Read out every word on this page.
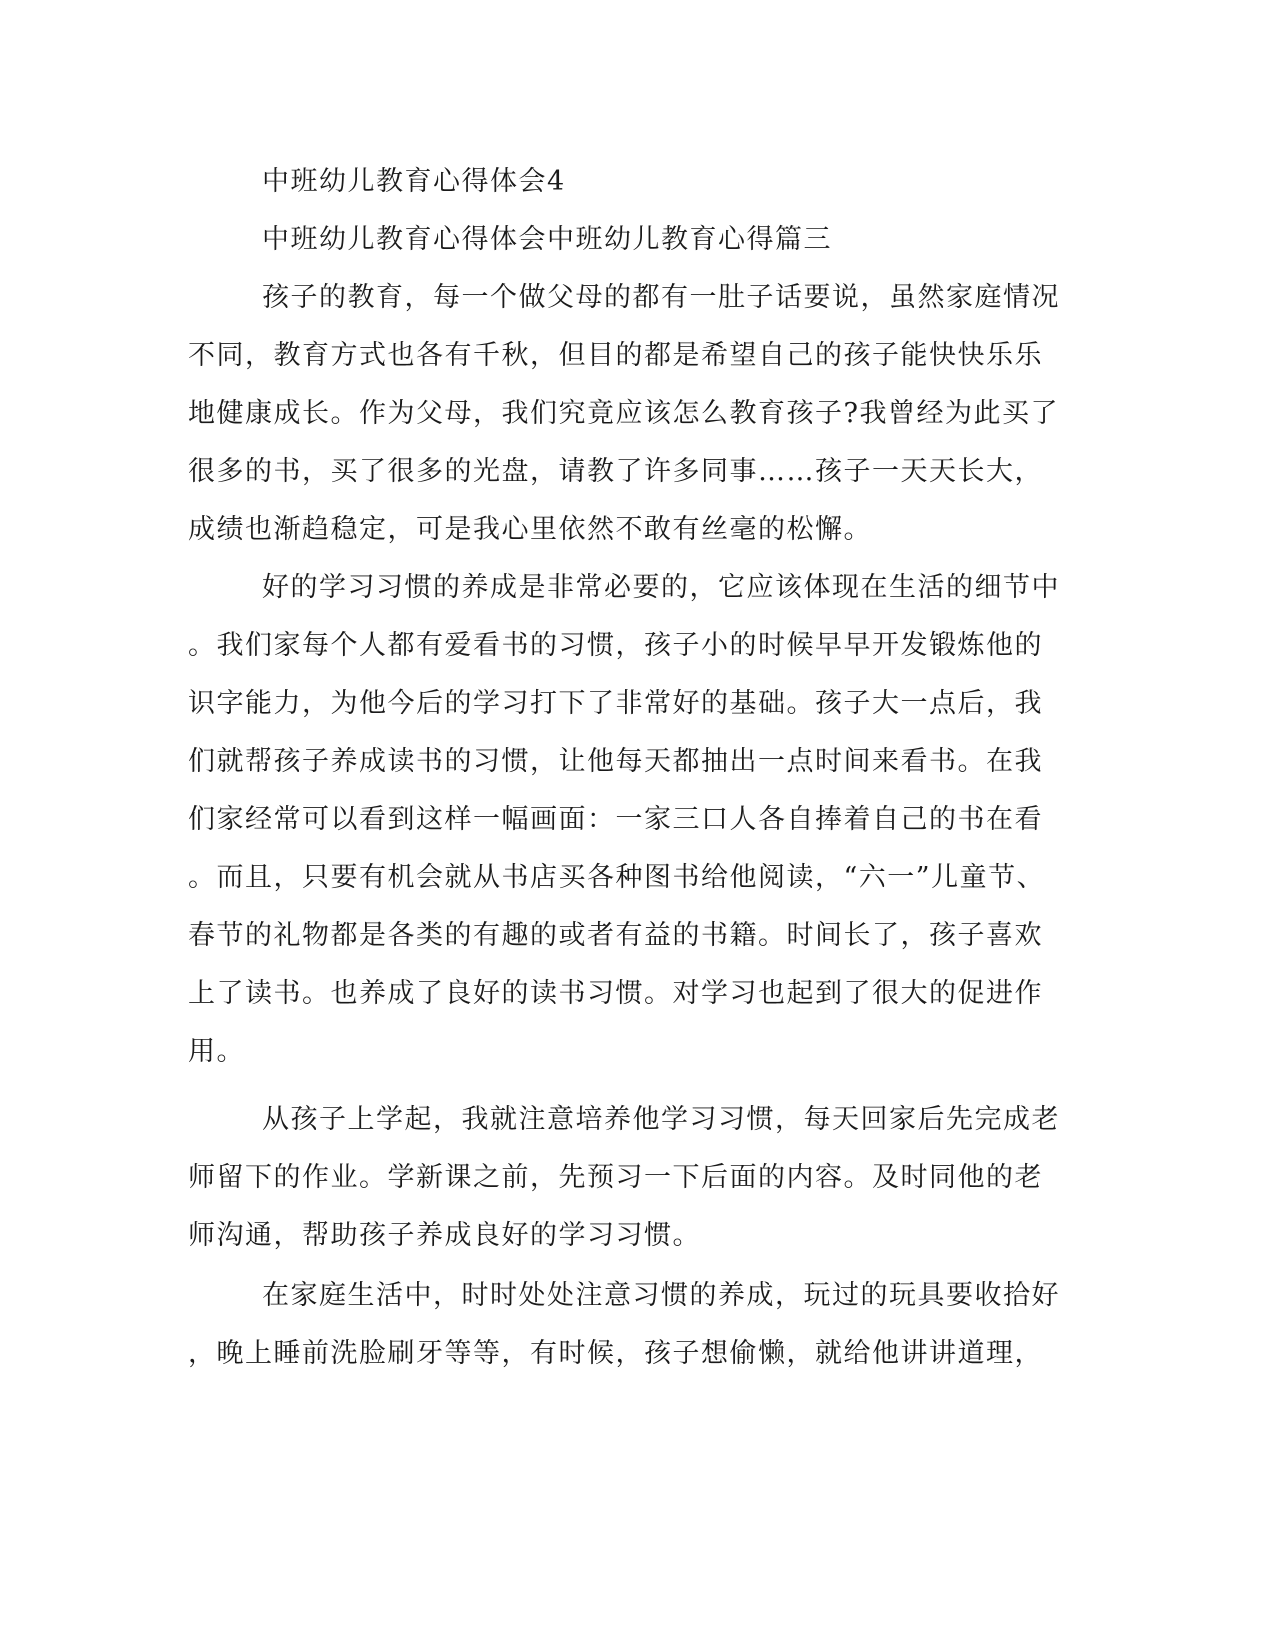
中班幼儿教育心得体会4
中班幼儿教育心得体会中班幼儿教育心得篇三
孩子的教育，每一个做父母的都有一肚子话要说，虽然家庭情况
不同，教育方式也各有千秋，但目的都是希望自己的孩子能快快乐乐
地健康成长。作为父母，我们究竟应该怎么教育孩子?我曾经为此买了
很多的书，买了很多的光盘，请教了许多同事……孩子一天天长大，
成绩也渐趋稳定，可是我心里依然不敢有丝毫的松懈。
好的学习习惯的养成是非常必要的，它应该体现在生活的细节中
。我们家每个人都有爱看书的习惯，孩子小的时候早早开发锻炼他的
识字能力，为他今后的学习打下了非常好的基础。孩子大一点后，我
们就帮孩子养成读书的习惯，让他每天都抽出一点时间来看书。在我
们家经常可以看到这样一幅画面：一家三口人各自捧着自己的书在看
。而且，只要有机会就从书店买各种图书给他阅读，“六一”儿童节、
春节的礼物都是各类的有趣的或者有益的书籍。时间长了，孩子喜欢
上了读书。也养成了良好的读书习惯。对学习也起到了很大的促进作
用。
从孩子上学起，我就注意培养他学习习惯，每天回家后先完成老
师留下的作业。学新课之前，先预习一下后面的内容。及时同他的老
师沟通，帮助孩子养成良好的学习习惯。
在家庭生活中，时时处处注意习惯的养成，玩过的玩具要收拾好
，晚上睡前洗脸刷牙等等，有时候，孩子想偷懒，就给他讲讲道理，
